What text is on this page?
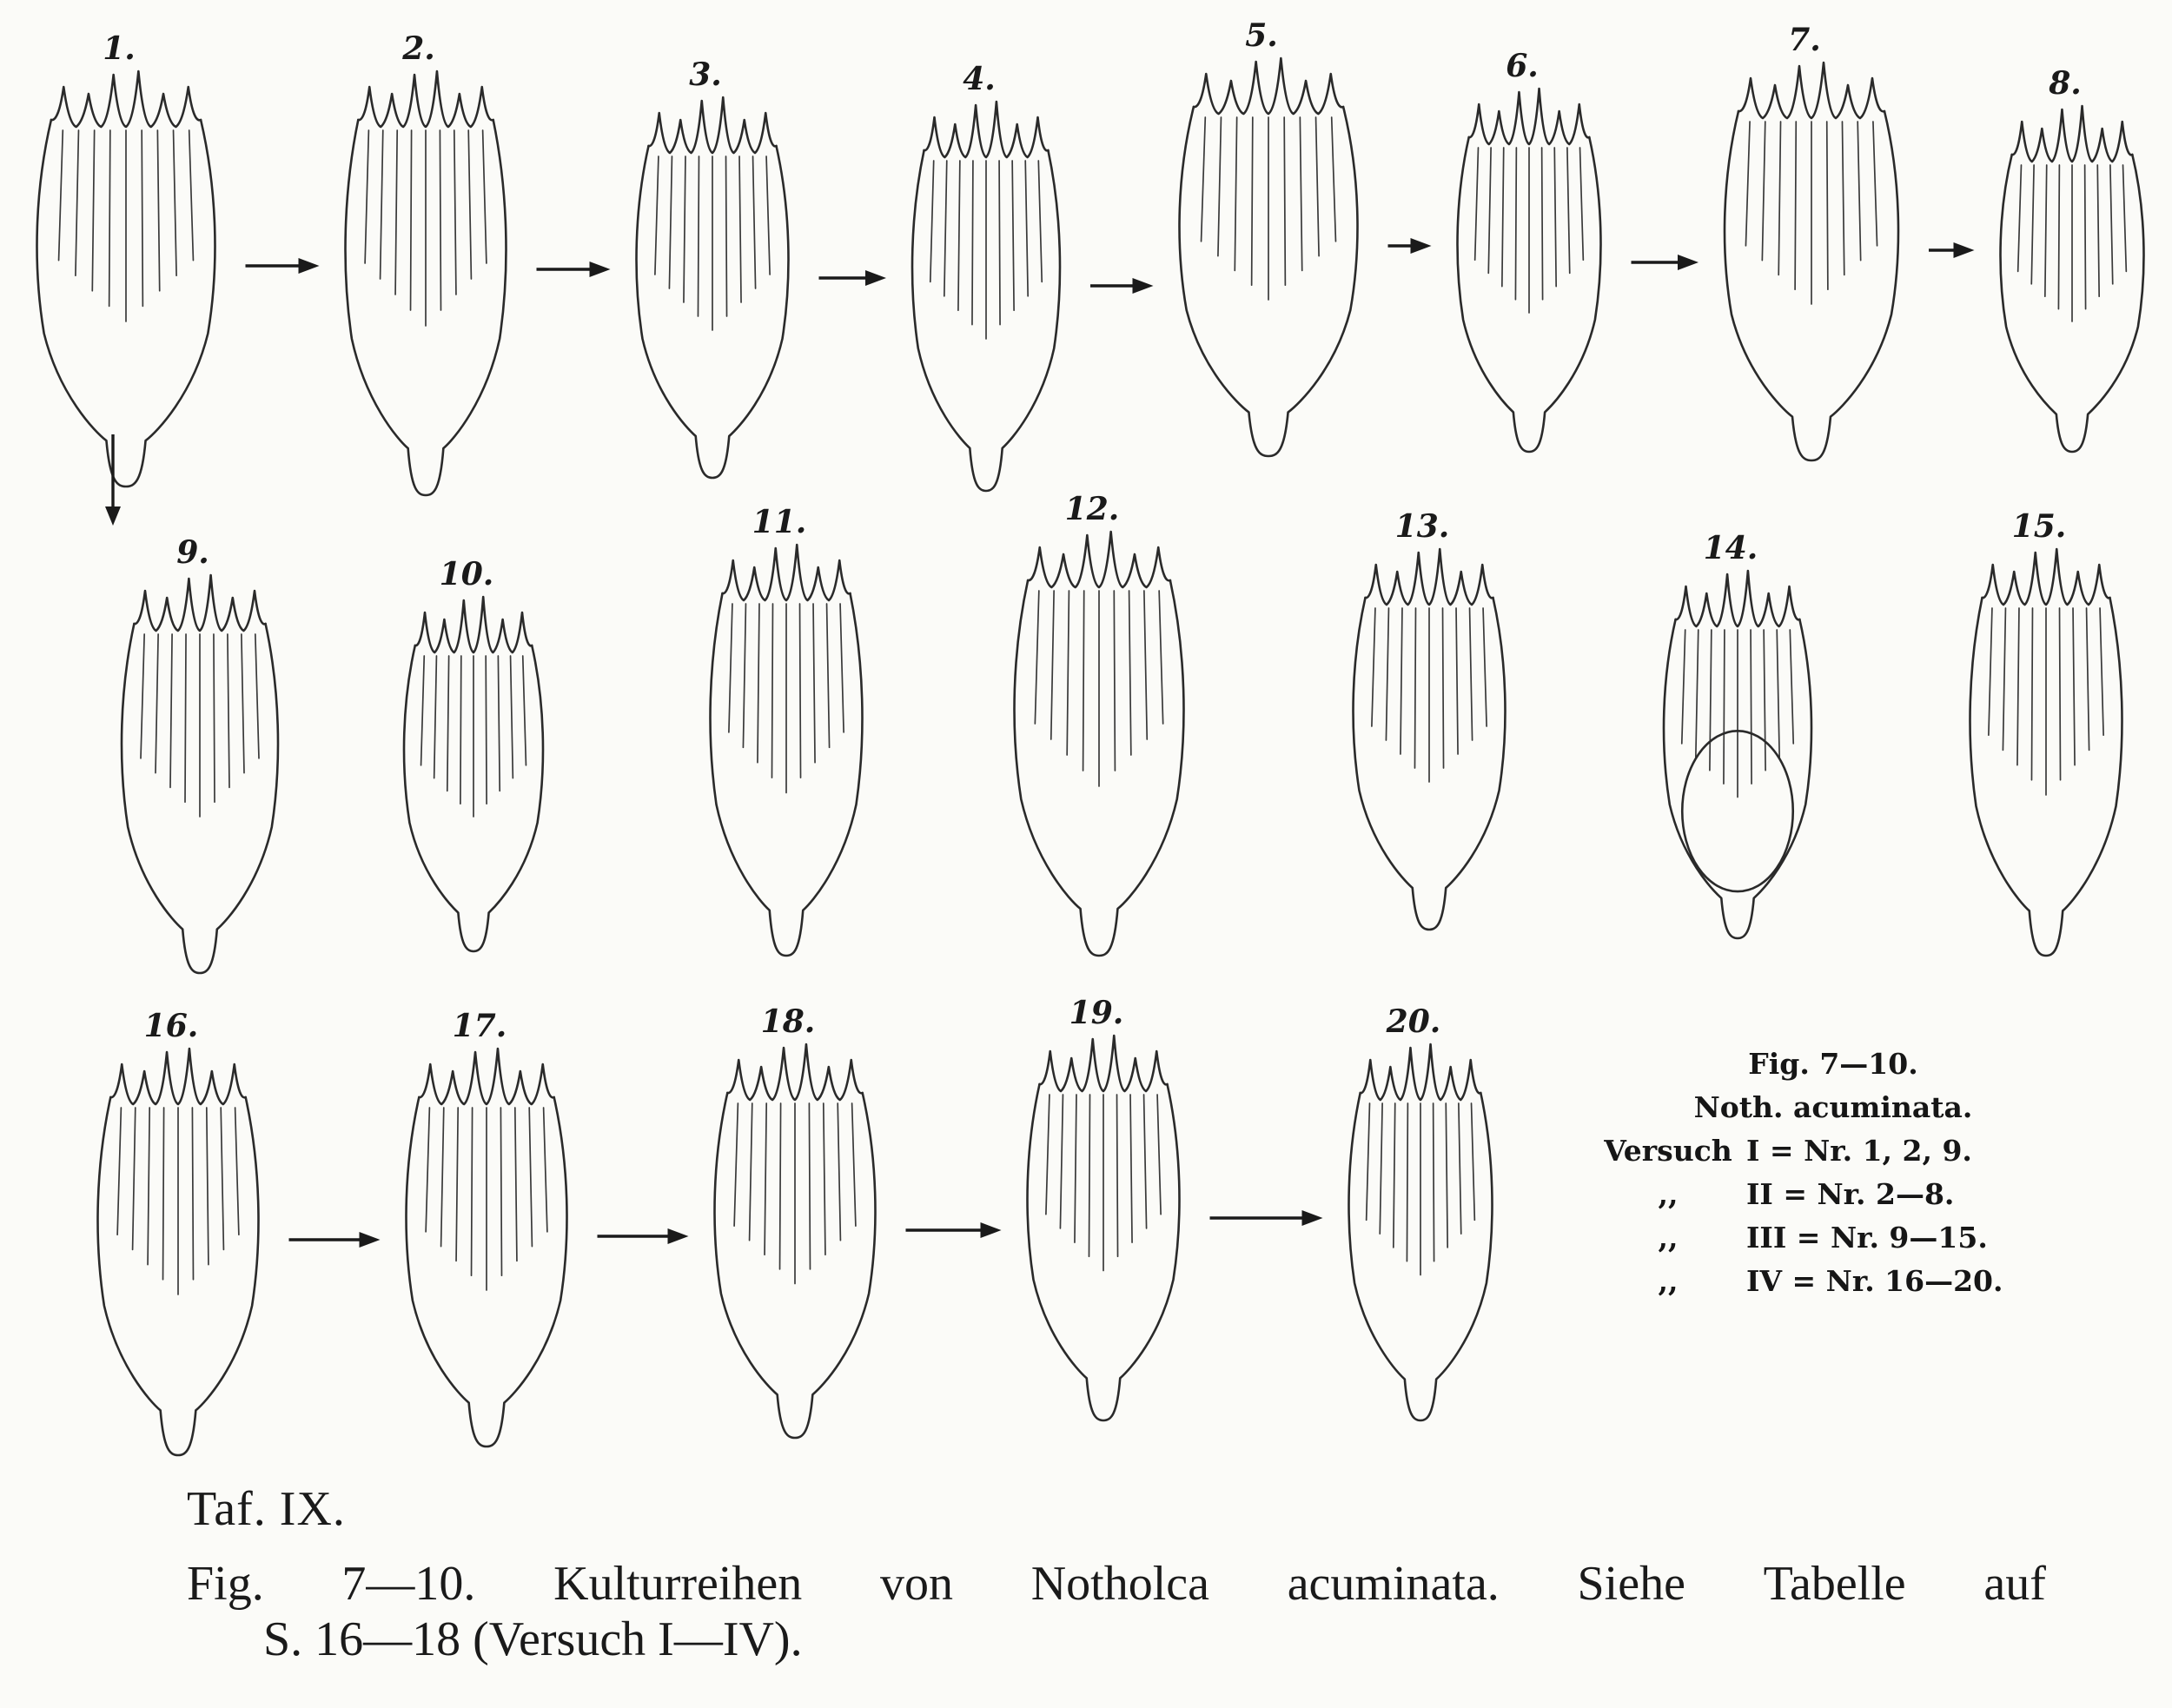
1.	2.
3.	4.
5.
6.
7.
8.
9.
10.
11.	12.	13.
14.
15.
16.	17.	18.	19.	20.
Fig. 7—10.
Noth. acuminata.
Versuch I = Nr. 1, 2, 9.
,,	II = Nr. 2—8.
,,	III = Nr. 9—15.
,,	IV = Nr. 16—20.
Taf. IX.
Fig. 7—10. Kulturreihen von Notholca acuminata. Siehe Tabelle auf
S. 16—18 (Versuch I—IV).
